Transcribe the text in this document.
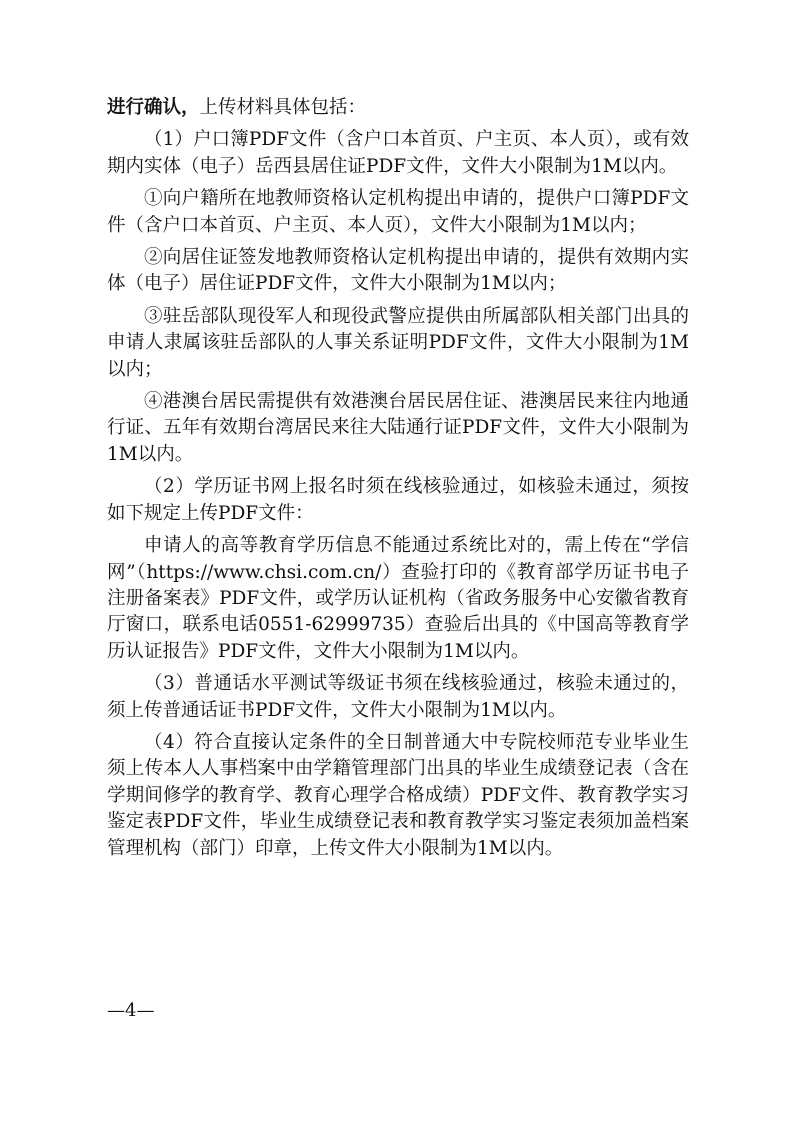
进行确认，上传材料具体包括：

（1）户口簿PDF文件（含户口本首页、户主页、本人页），或有效期内实体（电子）岳西县居住证PDF文件，文件大小限制为1M以内。

①向户籍所在地教师资格认定机构提出申请的，提供户口簿PDF文件（含户口本首页、户主页、本人页），文件大小限制为1M以内；

②向居住证签发地教师资格认定机构提出申请的，提供有效期内实体（电子）居住证PDF文件，文件大小限制为1M以内；

③驻岳部队现役军人和现役武警应提供由所属部队相关部门出具的申请人隶属该驻岳部队的人事关系证明PDF文件，文件大小限制为1M以内；

④港澳台居民需提供有效港澳台居民居住证、港澳居民来往内地通行证、五年有效期台湾居民来往大陆通行证PDF文件，文件大小限制为1M以内。

（2）学历证书网上报名时须在线核验通过，如核验未通过，须按如下规定上传PDF文件：

申请人的高等教育学历信息不能通过系统比对的，需上传在“学信网”（https://www.chsi.com.cn/）查验打印的《教育部学历证书电子注册备案表》PDF文件，或学历认证机构（省政务服务中心安徽省教育厅窗口，联系电话0551-62999735）查验后出具的《中国高等教育学历认证报告》PDF文件，文件大小限制为1M以内。

（3）普通话水平测试等级证书须在线核验通过，核验未通过的，须上传普通话证书PDF文件，文件大小限制为1M以内。

（4）符合直接认定条件的全日制普通大中专院校师范专业毕业生须上传本人人事档案中由学籍管理部门出具的毕业生成绩登记表（含在学期间修学的教育学、教育心理学合格成绩）PDF文件、教育教学实习鉴定表PDF文件，毕业生成绩登记表和教育教学实习鉴定表须加盖档案管理机构（部门）印章，上传文件大小限制为1M以内。

—4—
